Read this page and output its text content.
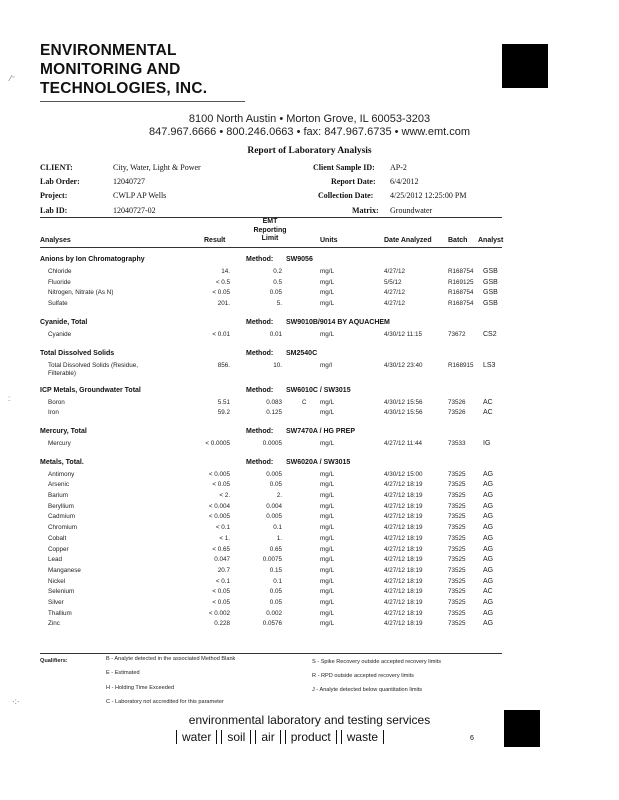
ENVIRONMENTAL
MONITORING AND
TECHNOLOGIES, INC.
⁄⁻
8100 North Austin • Morton Grove, IL 60053-3203
847.967.6666 • 800.246.0663 • fax: 847.967.6735 • www.emt.com
Report of Laboratory Analysis
CLIENT:	City, Water, Light & Power	Client Sample ID: AP-2
Lab Order:	12040727	Report Date: 6/4/2012
Project:	CWLP AP Wells	Collection Date: 4/25/2012 12:25:00 PM
Lab ID:	12040727-02	Matrix: Groundwater
Analyses	Result
EMT
Reporting
Limit	Units	Date Analyzed Batch Analyst
Anions by Ion Chromatography	Method: SW9056
Chloride	14.	0.2	mg/L	4/27/12	R168754 GSB
Fluoride	< 0.5	0.5	mg/L	5/5/12	R169125 GSB
Nitrogen, Nitrate (As N)	< 0.05	0.05	mg/L	4/27/12	R168754 GSB
Sulfate	201.	5.	mg/L	4/27/12	R168754 GSB
Cyanide, Total	Method: SW9010B/9014 BY AQUACHEM
Cyanide	< 0.01	0.01	mg/L	4/30/12 11:15	73672 CS2
Total Dissolved Solids	Method: SM2540C
Total Dissolved Solids (Residue, Filterable)
856.	10.	mg/l	4/30/12 23:40	R168915 LS3
ICP Metals, Groundwater Total	Method: SW6010C / SW3015
Boron	5.51	0.083	C mg/L	4/30/12 15:56	73526 AC
Iron	59.2	0.125	mg/L	4/30/12 15:56	73526 AC
Mercury, Total	Method: SW7470A / HG PREP
Mercury	< 0.0005	0.0005	mg/L	4/27/12 11:44	73533 IG
Metals, Total.	Method: SW6020A / SW3015
Antimony	< 0.005	0.005	mg/L	4/30/12 15:00	73525 AG
Arsenic	< 0.05	0.05	mg/L	4/27/12 18:19	73525 AG
Barium	< 2.	2.	mg/L	4/27/12 18:19	73525 AG
Beryllium	< 0.004	0.004	mg/L	4/27/12 18:19	73525 AG
Cadmium	< 0.005	0.005	mg/L	4/27/12 18:19	73525 AG
Chromium	< 0.1	0.1	mg/L	4/27/12 18:19	73525 AG
Cobalt	< 1.	1.	mg/L	4/27/12 18:19	73525 AG
Copper	< 0.65	0.65	mg/L	4/27/12 18:19	73525 AG
Lead	0.047	0.0075	mg/L	4/27/12 18:19	73525 AG
Manganese	20.7	0.15	mg/L	4/27/12 18:19	73525 AG
Nickel	< 0.1	0.1	mg/L	4/27/12 18:19	73525 AG
Selenium	< 0.05	0.05	mg/L	4/27/12 18:19	73525 AC
Silver	< 0.05	0.05	mg/L	4/27/12 18:19	73525 AG
Thallium	< 0.002	0.002	mg/L	4/27/12 18:19	73525 AG
Zinc	0.228	0.0576	mg/L	4/27/12 18:19	73525 AG
:
Qualifiers:	B - Analyte detected in the associated Method Blank
E - Estimated
H - Holding Time Exceeded
C - Laboratory not accredited for this parameter
S - Spike Recovery outside accepted recovery limits
R - RPD outside accepted recovery limits
J - Analyte detected below quantitation limits
·:·
environmental laboratory and testing services
water soil air product waste	6
